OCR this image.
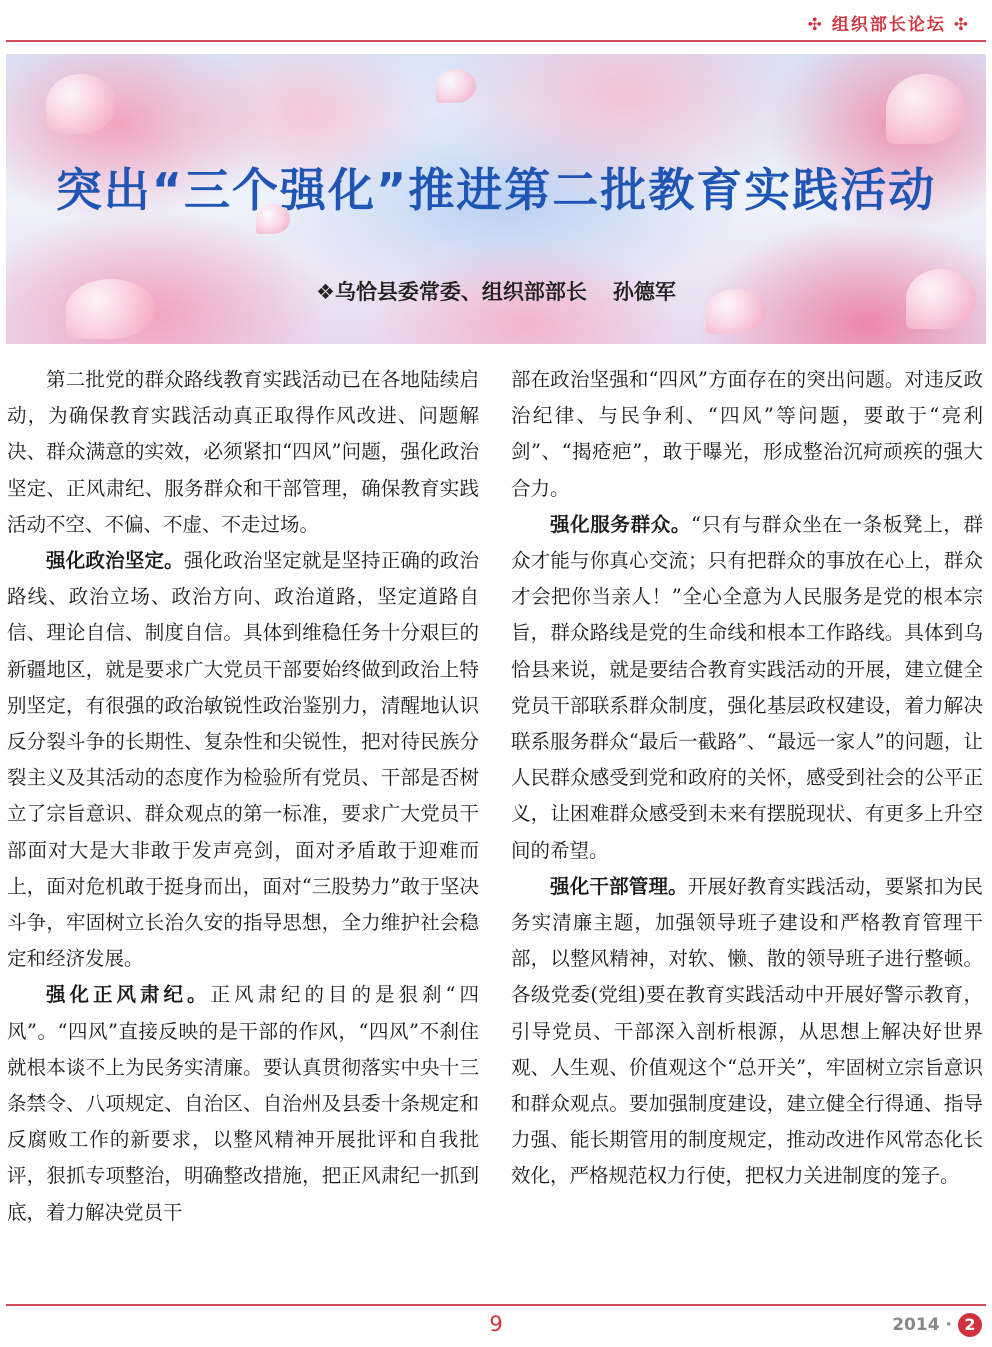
✣ 组织部长论坛 ✣
突出“三个强化”推进第二批教育实践活动
❖乌恰县委常委、组织部部长 孙德军

第二批党的群众路线教育实践活动已在各地陆续启动，为确保教育实践活动真正取得作风改进、问题解决、群众满意的实效，必须紧扣“四风”问题，强化政治坚定、正风肃纪、服务群众和干部管理，确保教育实践活动不空、不偏、不虚、不走过场。

强化政治坚定。强化政治坚定就是坚持正确的政治路线、政治立场、政治方向、政治道路，坚定道路自信、理论自信、制度自信。具体到维稳任务十分艰巨的新疆地区，就是要求广大党员干部要始终做到政治上特别坚定，有很强的政治敏锐性政治鉴别力，清醒地认识反分裂斗争的长期性、复杂性和尖锐性，把对待民族分裂主义及其活动的态度作为检验所有党员、干部是否树立了宗旨意识、群众观点的第一标准，要求广大党员干部面对大是大非敢于发声亮剑，面对矛盾敢于迎难而上，面对危机敢于挺身而出，面对“三股势力”敢于坚决斗争，牢固树立长治久安的指导思想，全力维护社会稳定和经济发展。

强化正风肃纪。正风肃纪的目的是狠刹“四风”。“四风”直接反映的是干部的作风，“四风”不刹住就根本谈不上为民务实清廉。要认真贯彻落实中央十三条禁令、八项规定、自治区、自治州及县委十条规定和反腐败工作的新要求，以整风精神开展批评和自我批评，狠抓专项整治，明确整改措施，把正风肃纪一抓到底，着力解决党员干

部在政治坚强和“四风”方面存在的突出问题。对违反政治纪律、与民争利、“四风”等问题，要敢于“亮利剑”、“揭疮疤”，敢于曝光，形成整治沉疴顽疾的强大合力。

强化服务群众。“只有与群众坐在一条板凳上，群众才能与你真心交流；只有把群众的事放在心上，群众才会把你当亲人！”全心全意为人民服务是党的根本宗旨，群众路线是党的生命线和根本工作路线。具体到乌恰县来说，就是要结合教育实践活动的开展，建立健全党员干部联系群众制度，强化基层政权建设，着力解决联系服务群众“最后一截路”、“最远一家人”的问题，让人民群众感受到党和政府的关怀，感受到社会的公平正义，让困难群众感受到未来有摆脱现状、有更多上升空间的希望。

强化干部管理。开展好教育实践活动，要紧扣为民务实清廉主题，加强领导班子建设和严格教育管理干部，以整风精神，对软、懒、散的领导班子进行整顿。各级党委(党组)要在教育实践活动中开展好警示教育，引导党员、干部深入剖析根源，从思想上解决好世界观、人生观、价值观这个“总开关”，牢固树立宗旨意识和群众观点。要加强制度建设，建立健全行得通、指导力强、能长期管用的制度规定，推动改进作风常态化长效化，严格规范权力行使，把权力关进制度的笼子。

9	2014 · 2
